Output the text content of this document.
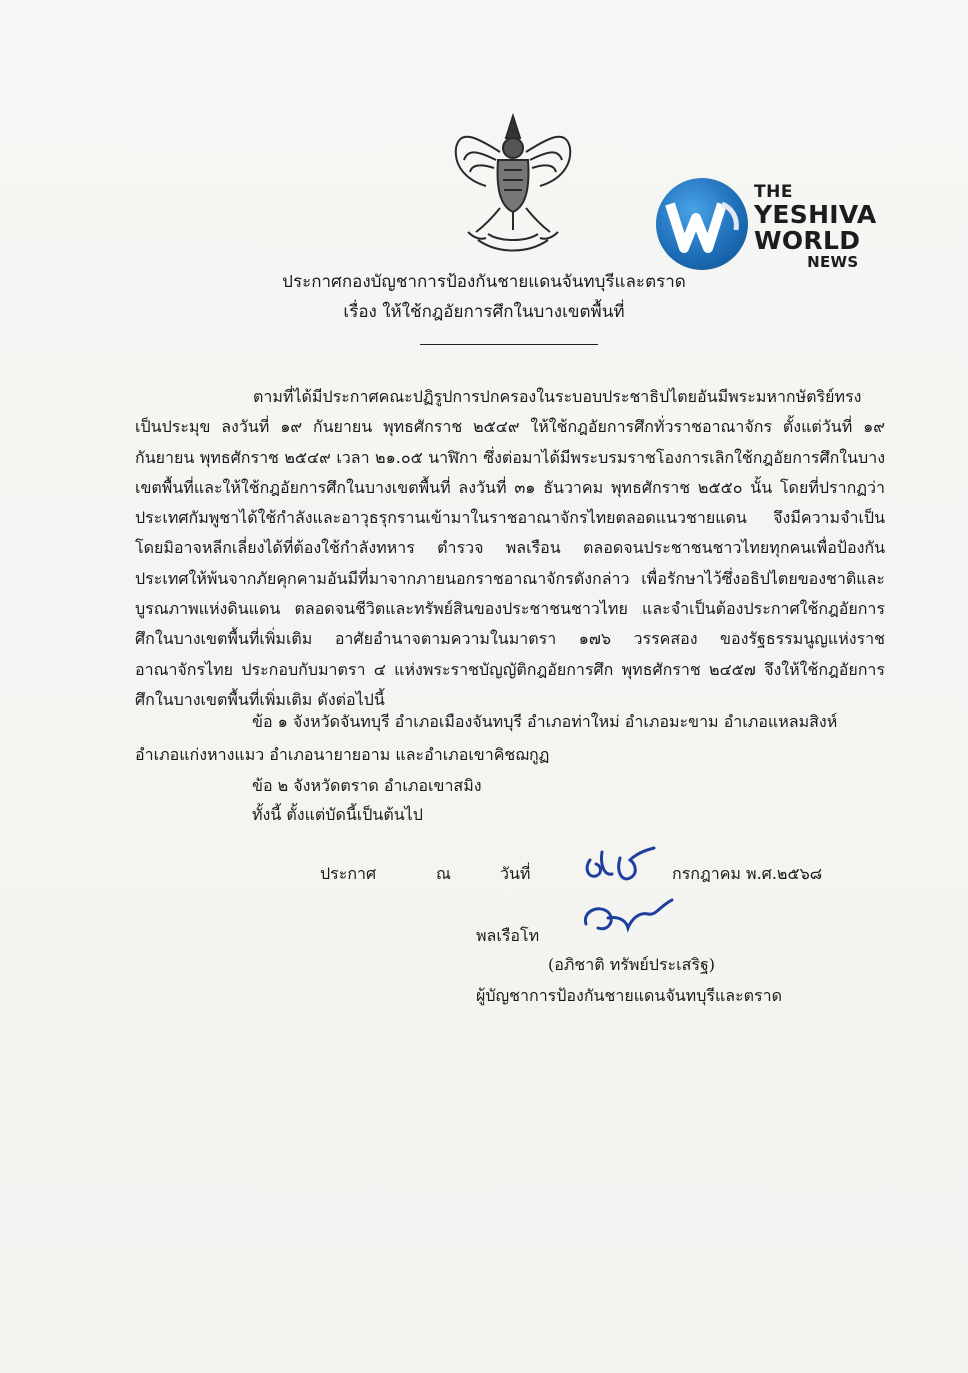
THE
YESHIVA
WORLD
NEWS
ประกาศกองบัญชาการป้องกันชายแดนจันทบุรีและตราด
เรื่อง ให้ใช้กฎอัยการศึกในบางเขตพื้นที่
ตามที่ได้มีประกาศคณะปฏิรูปการปกครองในระบอบประชาธิปไตยอันมีพระมหากษัตริย์ทรงเป็นประมุข ลงวันที่ ๑๙ กันยายน พุทธศักราช ๒๕๔๙ ให้ใช้กฎอัยการศึกทั่วราชอาณาจักร ตั้งแต่วันที่ ๑๙ กันยายน พุทธศักราช ๒๕๔๙ เวลา ๒๑.๐๕ นาฬิกา ซึ่งต่อมาได้มีพระบรมราชโองการเลิกใช้กฎอัยการศึกในบางเขตพื้นที่และให้ใช้กฎอัยการศึกในบางเขตพื้นที่ ลงวันที่ ๓๑ ธันวาคม พุทธศักราช ๒๕๕๐ นั้น โดยที่ปรากฏว่าประเทศกัมพูชาได้ใช้กำลังและอาวุธรุกรานเข้ามาในราชอาณาจักรไทยตลอดแนวชายแดน จึงมีความจำเป็นโดยมิอาจหลีกเลี่ยงได้ที่ต้องใช้กำลังทหาร ตำรวจ พลเรือน ตลอดจนประชาชนชาวไทยทุกคนเพื่อป้องกันประเทศให้พ้นจากภัยคุกคามอันมีที่มาจากภายนอกราชอาณาจักรดังกล่าว เพื่อรักษาไว้ซึ่งอธิปไตยของชาติและบูรณภาพแห่งดินแดน ตลอดจนชีวิตและทรัพย์สินของประชาชนชาวไทย และจำเป็นต้องประกาศใช้กฎอัยการศึกในบางเขตพื้นที่เพิ่มเติม อาศัยอำนาจตามความในมาตรา ๑๗๖ วรรคสอง ของรัฐธรรมนูญแห่งราชอาณาจักรไทย ประกอบกับมาตรา ๔ แห่งพระราชบัญญัติกฎอัยการศึก พุทธศักราช ๒๔๕๗ จึงให้ใช้กฎอัยการศึกในบางเขตพื้นที่เพิ่มเติม ดังต่อไปนี้
ข้อ ๑ จังหวัดจันทบุรี อำเภอเมืองจันทบุรี อำเภอท่าใหม่ อำเภอมะขาม อำเภอแหลมสิงห์
อำเภอแก่งหางแมว อำเภอนายายอาม และอำเภอเขาคิชฌกูฏ
ข้อ ๒ จังหวัดตราด อำเภอเขาสมิง
ทั้งนี้ ตั้งแต่บัดนี้เป็นต้นไป
ประกาศ	ณ	วันที่	กรกฎาคม พ.ศ.๒๕๖๘
พลเรือโท
(อภิชาติ ทรัพย์ประเสริฐ)
ผู้บัญชาการป้องกันชายแดนจันทบุรีและตราด
